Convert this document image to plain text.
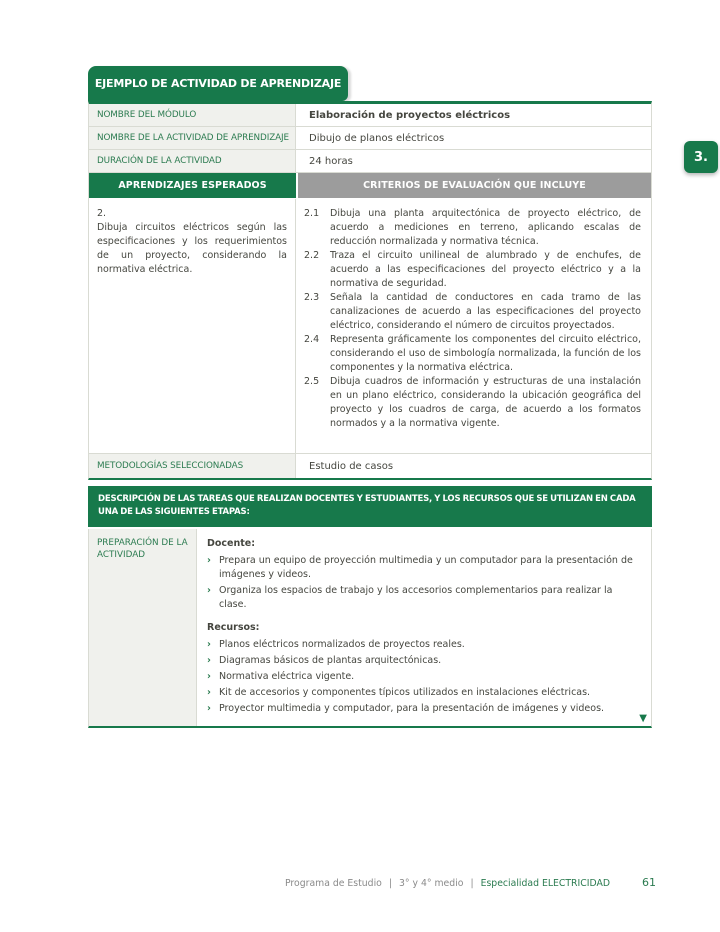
3.
EJEMPLO DE ACTIVIDAD DE APRENDIZAJE
NOMBRE DEL MÓDULO	Elaboración de proyectos eléctricos
NOMBRE DE LA ACTIVIDAD DE APRENDIZAJE	Dibujo de planos eléctricos
DURACIÓN DE LA ACTIVIDAD	24 horas
APRENDIZAJES ESPERADOS	CRITERIOS DE EVALUACIÓN QUE INCLUYE
2.
Dibuja circuitos eléctricos según las especificaciones y los requerimientos de un proyecto, considerando la normativa eléctrica.
2.1	Dibuja una planta arquitectónica de proyecto eléctrico, de acuerdo a mediciones en terreno, aplicando escalas de reducción normalizada y normativa técnica.
2.2	Traza el circuito unilineal de alumbrado y de enchufes, de acuerdo a las especificaciones del proyecto eléctrico y a la normativa de seguridad.
2.3	Señala la cantidad de conductores en cada tramo de las canalizaciones de acuerdo a las especificaciones del proyecto eléctrico, considerando el número de circuitos proyectados.
2.4	Representa gráficamente los componentes del circuito eléctrico, considerando el uso de simbología normalizada, la función de los componentes y la normativa eléctrica.
2.5	Dibuja cuadros de información y estructuras de una instalación en un plano eléctrico, considerando la ubicación geográfica del proyecto y los cuadros de carga, de acuerdo a los formatos normados y a la normativa vigente.
METODOLOGÍAS SELECCIONADAS	Estudio de casos
DESCRIPCIÓN DE LAS TAREAS QUE REALIZAN DOCENTES Y ESTUDIANTES, Y LOS RECURSOS QUE SE UTILIZAN EN CADA UNA DE LAS SIGUIENTES ETAPAS:
PREPARACIÓN DE LA ACTIVIDAD
Docente:
› Prepara un equipo de proyección multimedia y un computador para la presentación de imágenes y videos.
› Organiza los espacios de trabajo y los accesorios complementarios para realizar la clase.
Recursos:
› Planos eléctricos normalizados de proyectos reales.
› Diagramas básicos de plantas arquitectónicas.
› Normativa eléctrica vigente.
› Kit de accesorios y componentes típicos utilizados en instalaciones eléctricas.
› Proyector multimedia y computador, para la presentación de imágenes y videos.
▼
Programa de Estudio | 3° y 4° medio | Especialidad ELECTRICIDAD	61
